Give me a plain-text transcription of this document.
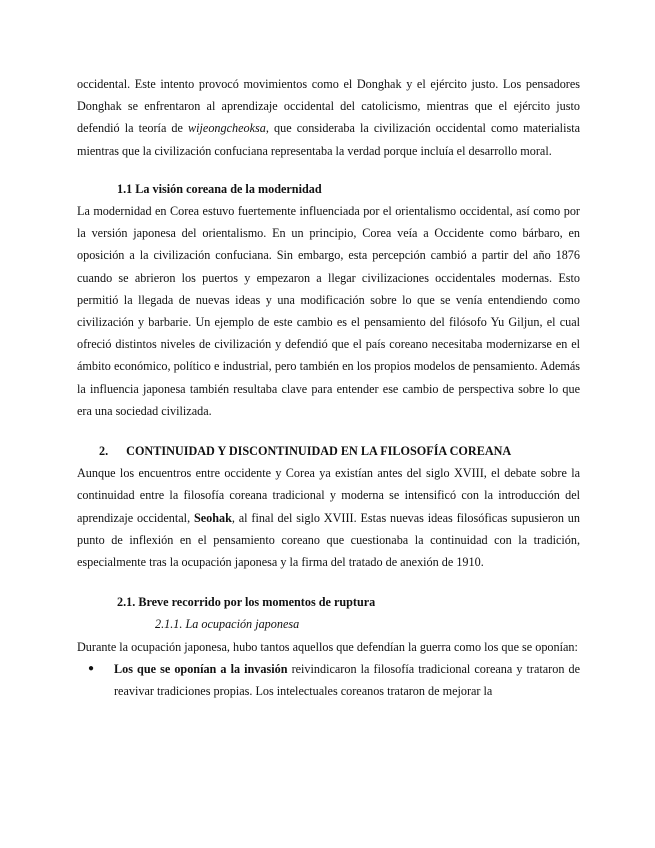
occidental. Este intento provocó movimientos como el Donghak y el ejército justo. Los pensadores Donghak se enfrentaron al aprendizaje occidental del catolicismo, mientras que el ejército justo defendió la teoría de wijeongcheoksa, que consideraba la civilización occidental como materialista mientras que la civilización confuciana representaba la verdad porque incluía el desarrollo moral.

1.1 La visión coreana de la modernidad

La modernidad en Corea estuvo fuertemente influenciada por el orientalismo occidental, así como por la versión japonesa del orientalismo. En un principio, Corea veía a Occidente como bárbaro, en oposición a la civilización confuciana. Sin embargo, esta percepción cambió a partir del año 1876 cuando se abrieron los puertos y empezaron a llegar civilizaciones occidentales modernas. Esto permitió la llegada de nuevas ideas y una modificación sobre lo que se venía entendiendo como civilización y barbarie. Un ejemplo de este cambio es el pensamiento del filósofo Yu Giljun, el cual ofreció distintos niveles de civilización y defendió que el país coreano necesitaba modernizarse en el ámbito económico, político e industrial, pero también en los propios modelos de pensamiento. Además la influencia japonesa también resultaba clave para entender ese cambio de perspectiva sobre lo que era una sociedad civilizada.

2. CONTINUIDAD Y DISCONTINUIDAD EN LA FILOSOFÍA COREANA

Aunque los encuentros entre occidente y Corea ya existían antes del siglo XVIII, el debate sobre la continuidad entre la filosofía coreana tradicional y moderna se intensificó con la introducción del aprendizaje occidental, Seohak, al final del siglo XVIII. Estas nuevas ideas filosóficas supusieron un punto de inflexión en el pensamiento coreano que cuestionaba la continuidad con la tradición, especialmente tras la ocupación japonesa y la firma del tratado de anexión de 1910.

2.1. Breve recorrido por los momentos de ruptura
2.1.1. La ocupación japonesa

Durante la ocupación japonesa, hubo tantos aquellos que defendían la guerra como los que se oponían:

● Los que se oponían a la invasión reivindicaron la filosofía tradicional coreana y trataron de reavivar tradiciones propias. Los intelectuales coreanos trataron de mejorar la
